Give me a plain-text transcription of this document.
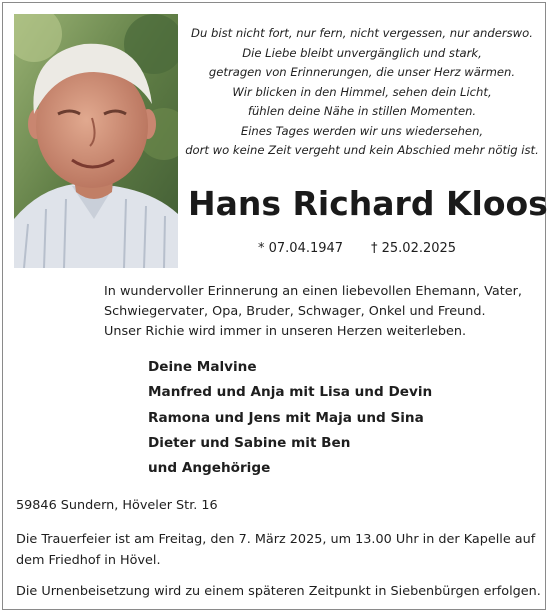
Du bist nicht fort, nur fern, nicht vergessen, nur anderswo.
Die Liebe bleibt unvergänglich und stark,
getragen von Erinnerungen, die unser Herz wärmen.
Wir blicken in den Himmel, sehen dein Licht,
fühlen deine Nähe in stillen Momenten.
Eines Tages werden wir uns wiedersehen,
dort wo keine Zeit vergeht und kein Abschied mehr nötig ist.
Hans Richard Kloos
* 07.04.1947 † 25.02.2025
In wundervoller Erinnerung an einen liebevollen Ehemann, Vater,
Schwiegervater, Opa, Bruder, Schwager, Onkel und Freund.
Unser Richie wird immer in unseren Herzen weiterleben.
Deine Malvine
Manfred und Anja mit Lisa und Devin
Ramona und Jens mit Maja und Sina
Dieter und Sabine mit Ben
und Angehörige
59846 Sundern, Höveler Str. 16
Die Trauerfeier ist am Freitag, den 7. März 2025, um 13.00 Uhr in der Kapelle auf
dem Friedhof in Hövel.
Die Urnenbeisetzung wird zu einem späteren Zeitpunkt in Siebenbürgen erfolgen.
